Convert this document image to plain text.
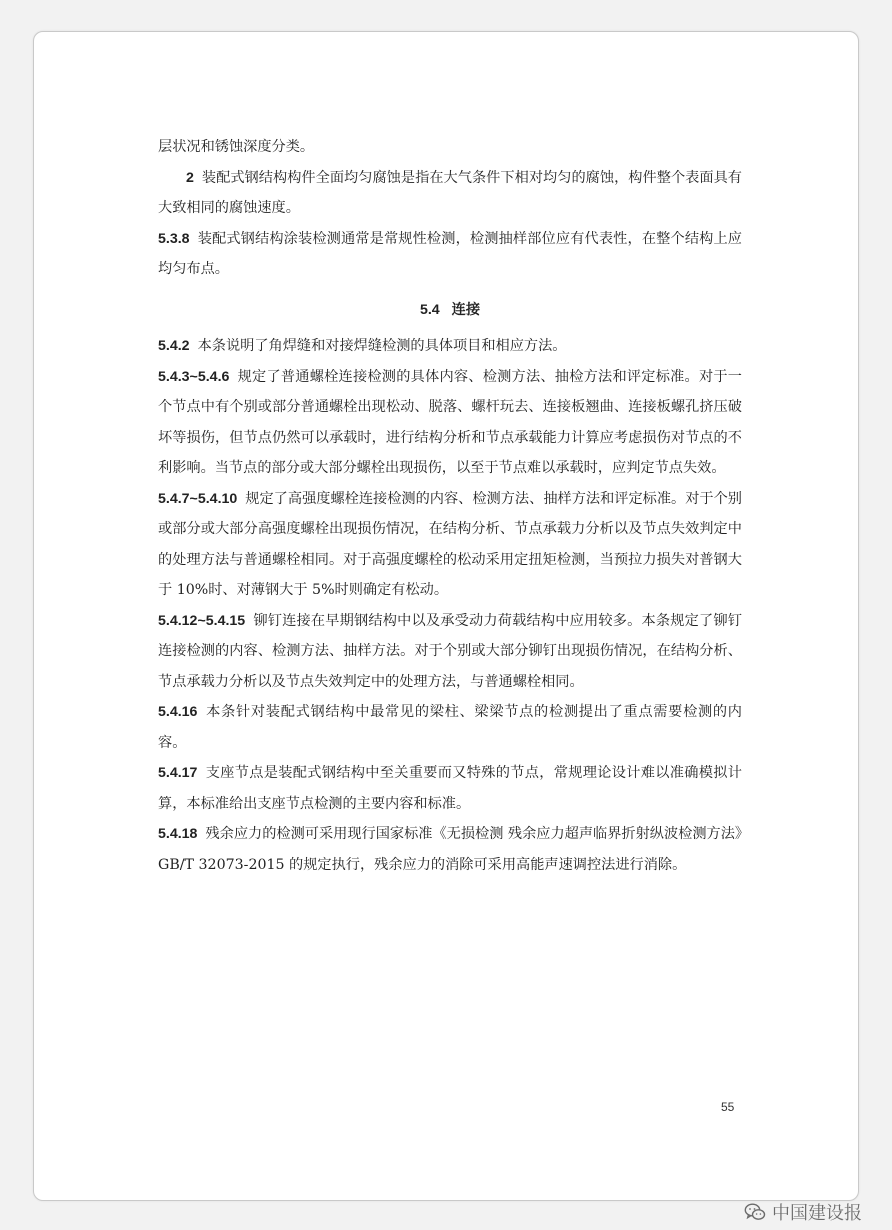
层状况和锈蚀深度分类。

2 装配式钢结构构件全面均匀腐蚀是指在大气条件下相对均匀的腐蚀，构件整个表面具有大致相同的腐蚀速度。

5.3.8 装配式钢结构涂装检测通常是常规性检测，检测抽样部位应有代表性，在整个结构上应均匀布点。

5.4 连接

5.4.2 本条说明了角焊缝和对接焊缝检测的具体项目和相应方法。

5.4.3~5.4.6 规定了普通螺栓连接检测的具体内容、检测方法、抽检方法和评定标准。对于一个节点中有个别或部分普通螺栓出现松动、脱落、螺杆玩去、连接板翘曲、连接板螺孔挤压破坏等损伤，但节点仍然可以承载时，进行结构分析和节点承载能力计算应考虑损伤对节点的不利影响。当节点的部分或大部分螺栓出现损伤，以至于节点难以承载时，应判定节点失效。

5.4.7~5.4.10 规定了高强度螺栓连接检测的内容、检测方法、抽样方法和评定标准。对于个别或部分或大部分高强度螺栓出现损伤情况，在结构分析、节点承载力分析以及节点失效判定中的处理方法与普通螺栓相同。对于高强度螺栓的松动采用定扭矩检测，当预拉力损失对普钢大于 10%时、对薄钢大于 5%时则确定有松动。

5.4.12~5.4.15 铆钉连接在早期钢结构中以及承受动力荷载结构中应用较多。本条规定了铆钉连接检测的内容、检测方法、抽样方法。对于个别或大部分铆钉出现损伤情况，在结构分析、节点承载力分析以及节点失效判定中的处理方法，与普通螺栓相同。

5.4.16 本条针对装配式钢结构中最常见的梁柱、梁梁节点的检测提出了重点需要检测的内容。

5.4.17 支座节点是装配式钢结构中至关重要而又特殊的节点，常规理论设计难以准确模拟计算，本标准给出支座节点检测的主要内容和标准。

5.4.18 残余应力的检测可采用现行国家标准《无损检测 残余应力超声临界折射纵波检测方法》GB/T 32073-2015 的规定执行，残余应力的消除可采用高能声速调控法进行消除。

55
中国建设报
